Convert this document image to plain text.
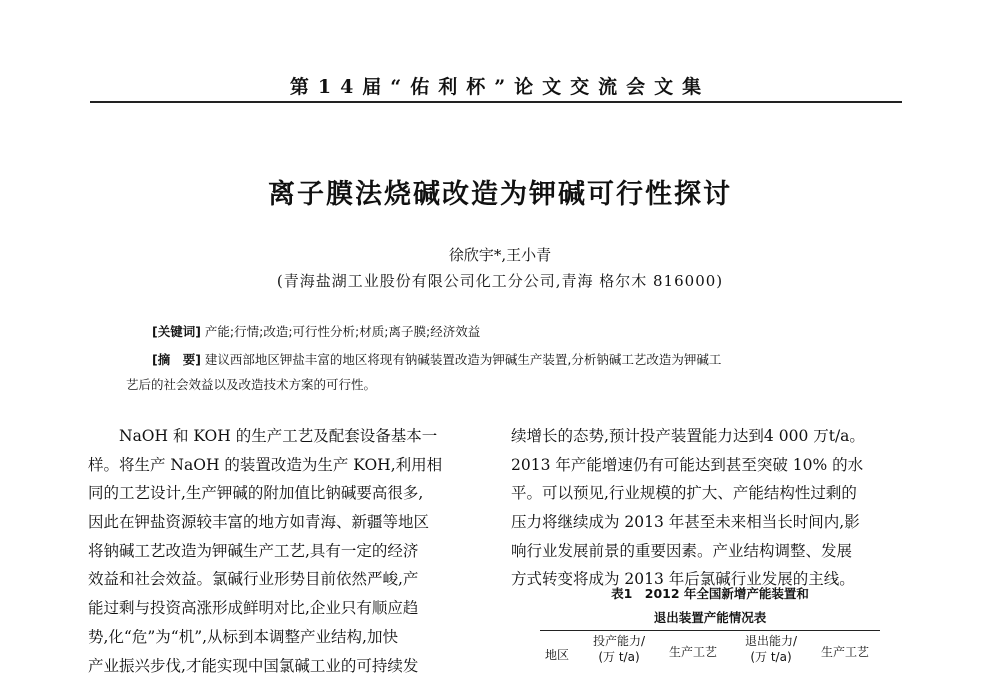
第14届“佑利杯”论文交流会文集
离子膜法烧碱改造为钾碱可行性探讨
徐欣宇*,王小青
(青海盐湖工业股份有限公司化工分公司,青海 格尔木 816000)
[关键词] 产能;行情;改造;可行性分析;材质;离子膜;经济效益
[摘　要] 建议西部地区钾盐丰富的地区将现有钠碱装置改造为钾碱生产装置,分析钠碱工艺改造为钾碱工
艺后的社会效益以及改造技术方案的可行性。
NaOH 和 KOH 的生产工艺及配套设备基本一
样。将生产 NaOH 的装置改造为生产 KOH,利用相
同的工艺设计,生产钾碱的附加值比钠碱要高很多,
因此在钾盐资源较丰富的地方如青海、新疆等地区
将钠碱工艺改造为钾碱生产工艺,具有一定的经济
效益和社会效益。氯碱行业形势目前依然严峻,产
能过剩与投资高涨形成鲜明对比,企业只有顺应趋
势,化“危”为“机”,从标到本调整产业结构,加快
产业振兴步伐,才能实现中国氯碱工业的可持续发
续增长的态势,预计投产装置能力达到4 000 万t/a。
2013 年产能增速仍有可能达到甚至突破 10% 的水
平。可以预见,行业规模的扩大、产能结构性过剩的
压力将继续成为 2013 年甚至未来相当长时间内,影
响行业发展前景的重要因素。产业结构调整、发展
方式转变将成为 2013 年后氯碱行业发展的主线。
表1　2012 年全国新增产能装置和
退出装置产能情况表
地区
投产能力/
(万 t/a)	生产工艺
退出能力/
(万 t/a)	生产工艺
